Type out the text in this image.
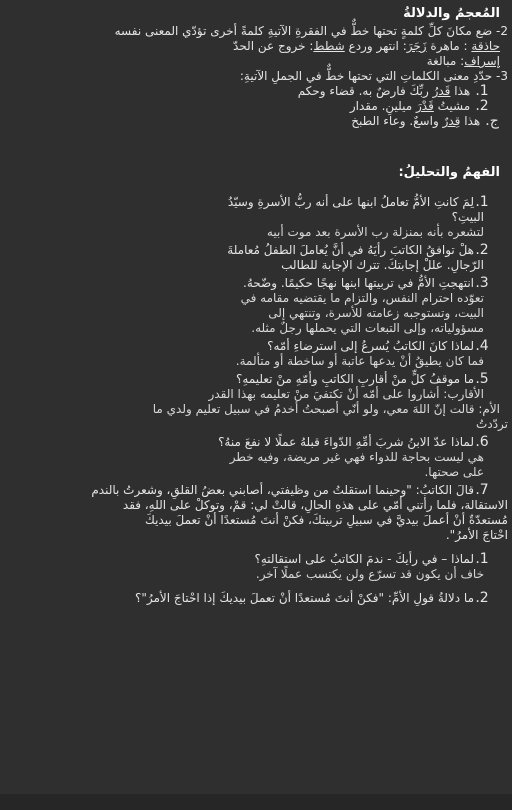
المُعجمُ والدلالةُ
2- ضع مكانَ كلِّ كلمةٍ تحتها خطٌّ في الفقرةِ الآتيةِ كلمةً أخرى تؤدّي المعنى نفسه
حاذقة : ماهرة زَجَرَ: انتهر وردع شطط: خروج عن الحدّ
إسراف: مبالغة
3- حدّدِ معنى الكلماتِ التي تحتها خطٌّ في الجملِ الآتيةِ:
1. هذا قَدرُ ربِّكَ فارضٌ به. قضاء وحكم
2. مشيتُ قَدْرَ ميلينِ. مقدار
ج. هذا قِدرٌ واسعٌ. وعاء الطبخ
الفهمُ والتحليلُ:
1.لِمَ كانتِ الأمُّ تعاملُ ابنها على أنه ربُّ الأسرةِ وسيّدُ
البيتِ؟
لتشعره بأنه بمنزلة رب الأسرة بعد موت أبيه
2.هلْ توافقُ الكاتبَ رأيَهُ في أنَّ يُعاملَ الطفلُ مُعاملةَ
الرّجالِ. عللْ إجابتكَ. تترك الإجابة للطالب
3.انتهجتِ الأمُّ في تربيتها ابنها نهجًا حكيمًا. وضّحهُ.
تعوّده احترام النفس، والتزام ما يقتضيه مقامه في
البيت، وتستوجبه زعامته للأسرة، وتنتهي إلى
مسؤولياته، وإلى التبعات التي يحملها رجلٌ مثله.
4.لماذا كانَ الكاتبُ يُسرعُ إلى استرضاءِ أمّه؟
فما كان يطيقُ أنْ يدعها عاتبة أو ساخطة أو متألمة.
5.ما موقفُ كلٍّ منْ أقاربِ الكاتبِ وأمّهِ منْ تعليمهِ؟
الأقارب: أشاروا على أمّه أنْ تكتفيَ منْ تعليمه بهذا القدر
الأم: قالت إنّ اللهَ معي، ولو أنّي أصبحتُ أخدمُ في سبيل تعليم ولدي ما
تردّدتُ
6.لماذا عدّ الابنُ شربَ أمِّهِ الدّواءَ قبلهُ عملًا لا نفعَ منهُ؟
هي ليست بحاجة للدواء فهي غير مريضة، وفيه خطر
على صحتها.
7.قالَ الكاتبُ: "وحينما استقلتُ من وظيفتي، أصابني بعضُ القلقِ، وشعرتُ بالندم
الاستقالة، فلما رأتني أمّي على هذهِ الحالِ، قالتْ لي: قمْ، وتوكلْ على اللهِ، فقد
مُستعدّةٌ أنْ أعملَ بيديَّ في سبيلِ تربيتكَ، فكنْ أنتَ مُستعدًا أنْ تعملَ بيديكَ
احْتاجَ الأمرُ".
1.لماذا – في رأيكَ - ندمَ الكاتبُ على استقالتهِ؟
خاف أن يكون قد تسرّع ولن يكتسب عملًا آخر.
2.ما دلالةُ قولِ الأمِّ: "فكنْ أنتَ مُستعدًا أنْ تعملَ بيديكَ إذا احْتاجَ الأمرُ"؟
